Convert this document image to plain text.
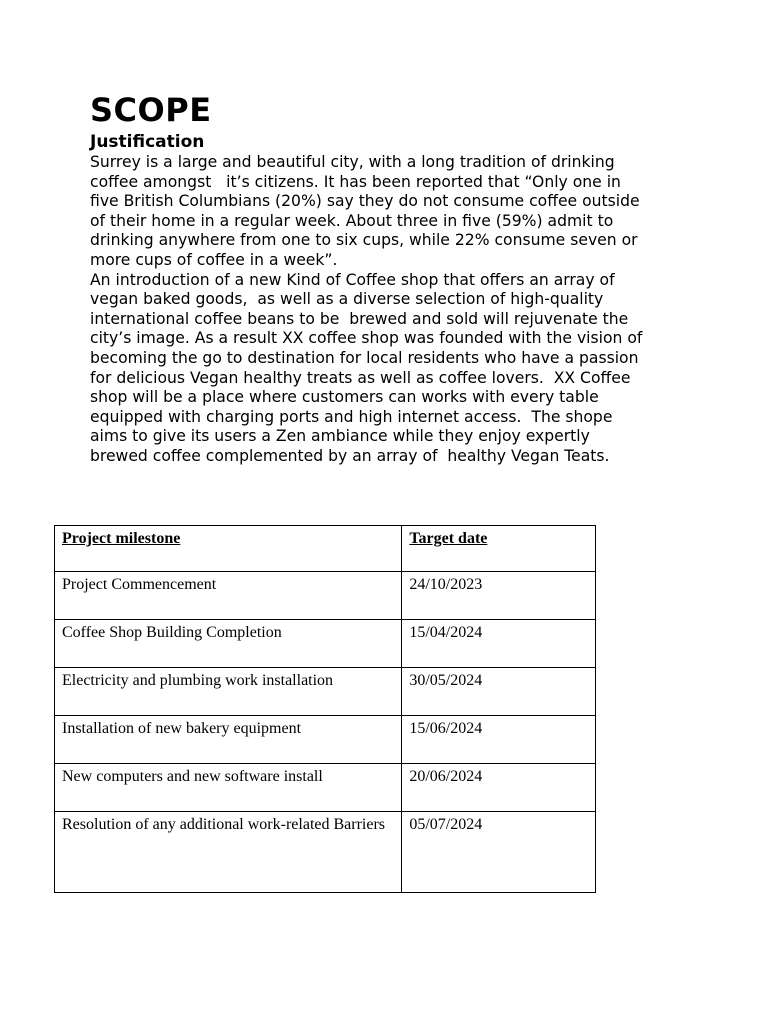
SCOPE
Justification
Surrey is a large and beautiful city, with a long tradition of drinking
coffee amongst   it’s citizens. It has been reported that “Only one in
five British Columbians (20%) say they do not consume coffee outside
of their home in a regular week. About three in five (59%) admit to
drinking anywhere from one to six cups, while 22% consume seven or
more cups of coffee in a week”.
An introduction of a new Kind of Coffee shop that offers an array of
vegan baked goods,  as well as a diverse selection of high-quality
international coffee beans to be  brewed and sold will rejuvenate the
city’s image. As a result XX coffee shop was founded with the vision of
becoming the go to destination for local residents who have a passion
for delicious Vegan healthy treats as well as coffee lovers.  XX Coffee
shop will be a place where customers can works with every table
equipped with charging ports and high internet access.  The shope
aims to give its users a Zen ambiance while they enjoy expertly
brewed coffee complemented by an array of  healthy Vegan Teats.
Project milestone	Target date
Project Commencement	24/10/2023
Coffee Shop Building Completion	15/04/2024
Electricity and plumbing work installation	30/05/2024
Installation of new bakery equipment	15/06/2024
New computers and new software install	20/06/2024
Resolution of any additional work-related Barriers	05/07/2024
